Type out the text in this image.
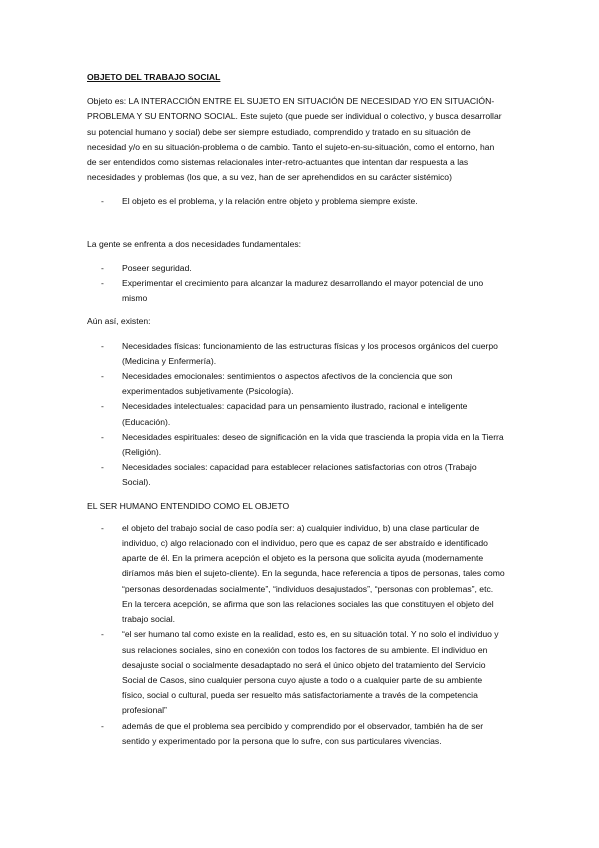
OBJETO DEL TRABAJO SOCIAL

Objeto es: LA INTERACCIÓN ENTRE EL SUJETO EN SITUACIÓN DE NECESIDAD Y/O EN SITUACIÓN-PROBLEMA Y SU ENTORNO SOCIAL. Este sujeto (que puede ser individual o colectivo, y busca desarrollar su potencial humano y social) debe ser siempre estudiado, comprendido y tratado en su situación de necesidad y/o en su situación-problema o de cambio. Tanto el sujeto-en-su-situación, como el entorno, han de ser entendidos como sistemas relacionales inter-retro-actuantes que intentan dar respuesta a las necesidades y problemas (los que, a su vez, han de ser aprehendidos en su carácter sistémico)

- El objeto es el problema, y la relación entre objeto y problema siempre existe.

La gente se enfrenta a dos necesidades fundamentales:

- Poseer seguridad.
- Experimentar el crecimiento para alcanzar la madurez desarrollando el mayor potencial de uno mismo

Aún así, existen:

- Necesidades físicas: funcionamiento de las estructuras físicas y los procesos orgánicos del cuerpo (Medicina y Enfermería).
- Necesidades emocionales: sentimientos o aspectos afectivos de la conciencia que son experimentados subjetivamente (Psicología).
- Necesidades intelectuales: capacidad para un pensamiento ilustrado, racional e inteligente (Educación).
- Necesidades espirituales: deseo de significación en la vida que trascienda la propia vida en la Tierra (Religión).
- Necesidades sociales: capacidad para establecer relaciones satisfactorias con otros (Trabajo Social).

EL SER HUMANO ENTENDIDO COMO EL OBJETO

- el objeto del trabajo social de caso podía ser: a) cualquier individuo, b) una clase particular de individuo, c) algo relacionado con el individuo, pero que es capaz de ser abstraído e identificado aparte de él. En la primera acepción el objeto es la persona que solicita ayuda (modernamente diríamos más bien el sujeto-cliente). En la segunda, hace referencia a tipos de personas, tales como “personas desordenadas socialmente”, “individuos desajustados”, “personas con problemas”, etc. En la tercera acepción, se afirma que son las relaciones sociales las que constituyen el objeto del trabajo social.
- “el ser humano tal como existe en la realidad, esto es, en su situación total. Y no solo el individuo y sus relaciones sociales, sino en conexión con todos los factores de su ambiente. El individuo en desajuste social o socialmente desadaptado no será el único objeto del tratamiento del Servicio Social de Casos, sino cualquier persona cuyo ajuste a todo o a cualquier parte de su ambiente físico, social o cultural, pueda ser resuelto más satisfactoriamente a través de la competencia profesional”
- además de que el problema sea percibido y comprendido por el observador, también ha de ser sentido y experimentado por la persona que lo sufre, con sus particulares vivencias.
